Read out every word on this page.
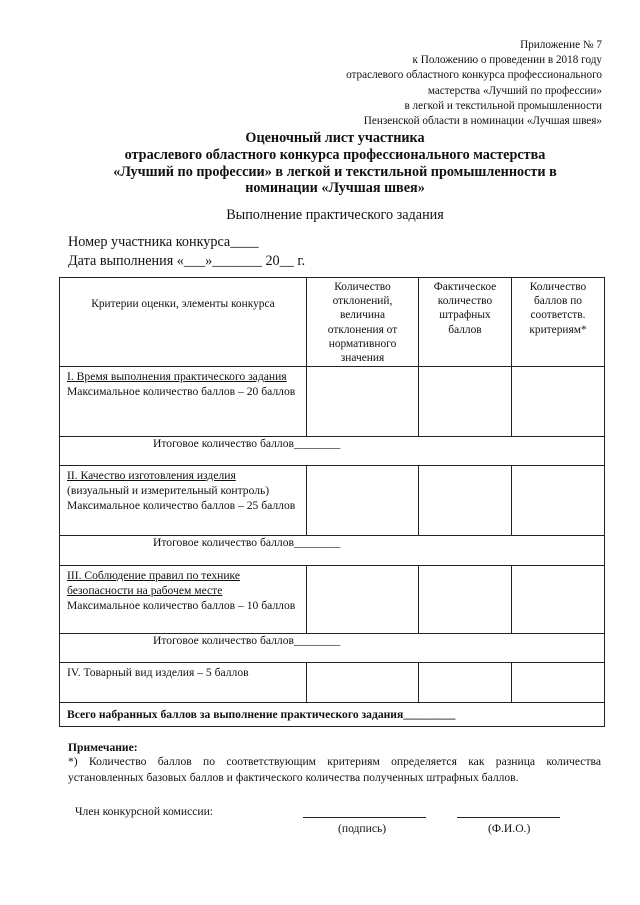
Приложение № 7
к Положению о проведении в 2018 году
отраслевого областного конкурса профессионального
мастерства «Лучший по профессии»
в легкой и текстильной промышленности
Пензенской области в номинации «Лучшая швея»
Оценочный лист участника
отраслевого областного конкурса профессионального мастерства
«Лучший по профессии» в легкой и текстильной промышленности в
номинации «Лучшая швея»
Выполнение практического задания
Номер участника конкурса____
Дата выполнения «___»_______ 20__ г.
Критерии оценки, элементы конкурса	Количество отклонений, величина отклонения от нормативного значения	Фактическое количество штрафных баллов	Количество баллов по соответств. критериям*

I. Время выполнения практического задания
Максимальное количество баллов – 20 баллов			

Итоговое количество баллов________			

II. Качество изготовления изделия
(визуальный и измерительный контроль)
Максимальное количество баллов – 25 баллов			

Итоговое количество баллов________			

III. Соблюдение правил по технике безопасности на рабочем месте
Максимальное количество баллов – 10 баллов			

Итоговое количество баллов________			

IV. Товарный вид изделия – 5 баллов			

Всего набранных баллов за выполнение практического задания_________			
Примечание:
*) Количество баллов по соответствующим критериям определяется как разница количества установленных базовых баллов и фактического количества полученных штрафных баллов.
Член конкурсной комиссии:
(подпись)	(Ф.И.О.)
